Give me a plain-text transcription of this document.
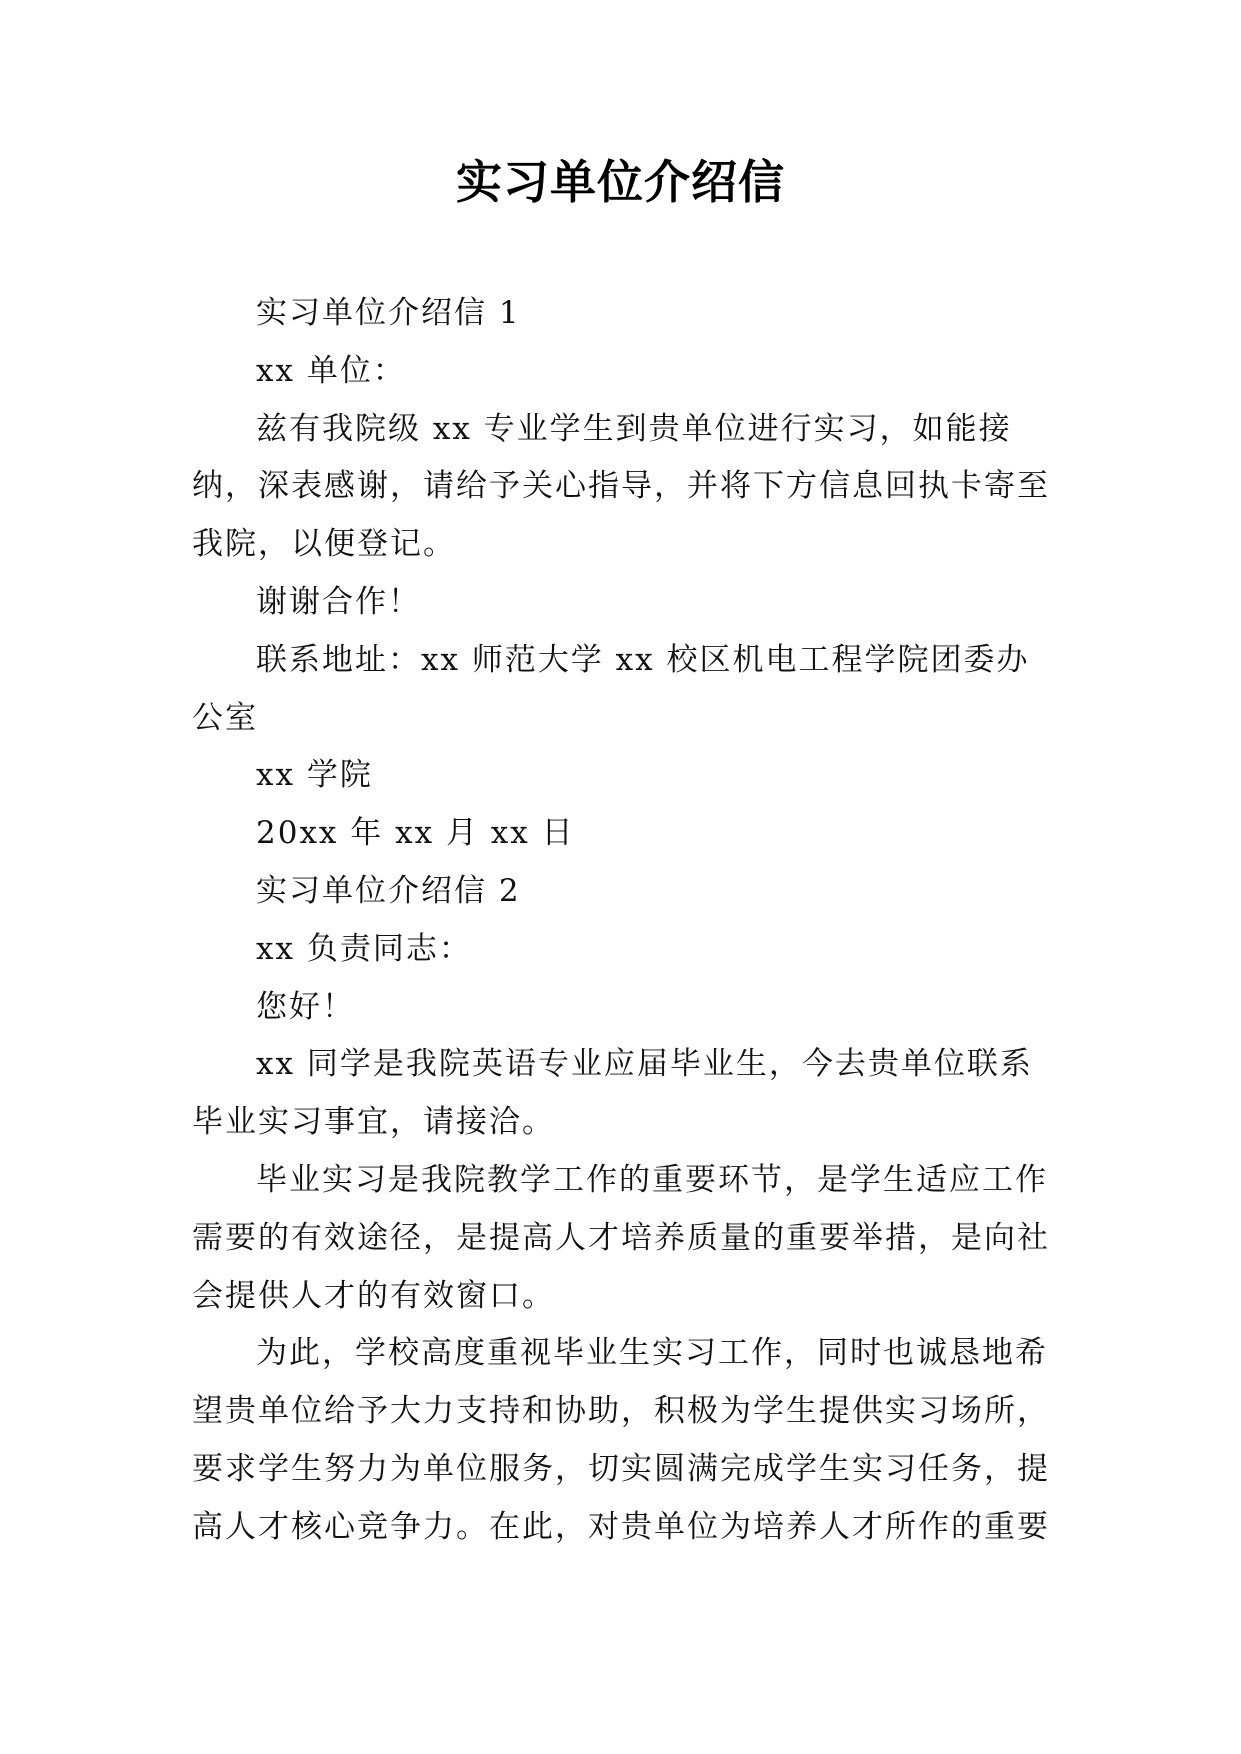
实习单位介绍信

实习单位介绍信 1

xx 单位：

兹有我院级 xx 专业学生到贵单位进行实习，如能接纳，深表感谢，请给予关心指导，并将下方信息回执卡寄至我院，以便登记。

谢谢合作！

联系地址：xx 师范大学 xx 校区机电工程学院团委办公室

xx 学院

20xx 年 xx 月 xx 日

实习单位介绍信 2

xx 负责同志：

您好！

xx 同学是我院英语专业应届毕业生，今去贵单位联系毕业实习事宜，请接洽。

毕业实习是我院教学工作的重要环节，是学生适应工作需要的有效途径，是提高人才培养质量的重要举措，是向社会提供人才的有效窗口。

为此，学校高度重视毕业生实习工作，同时也诚恳地希望贵单位给予大力支持和协助，积极为学生提供实习场所，要求学生努力为单位服务，切实圆满完成学生实习任务，提高人才核心竞争力。在此，对贵单位为培养人才所作的重要
